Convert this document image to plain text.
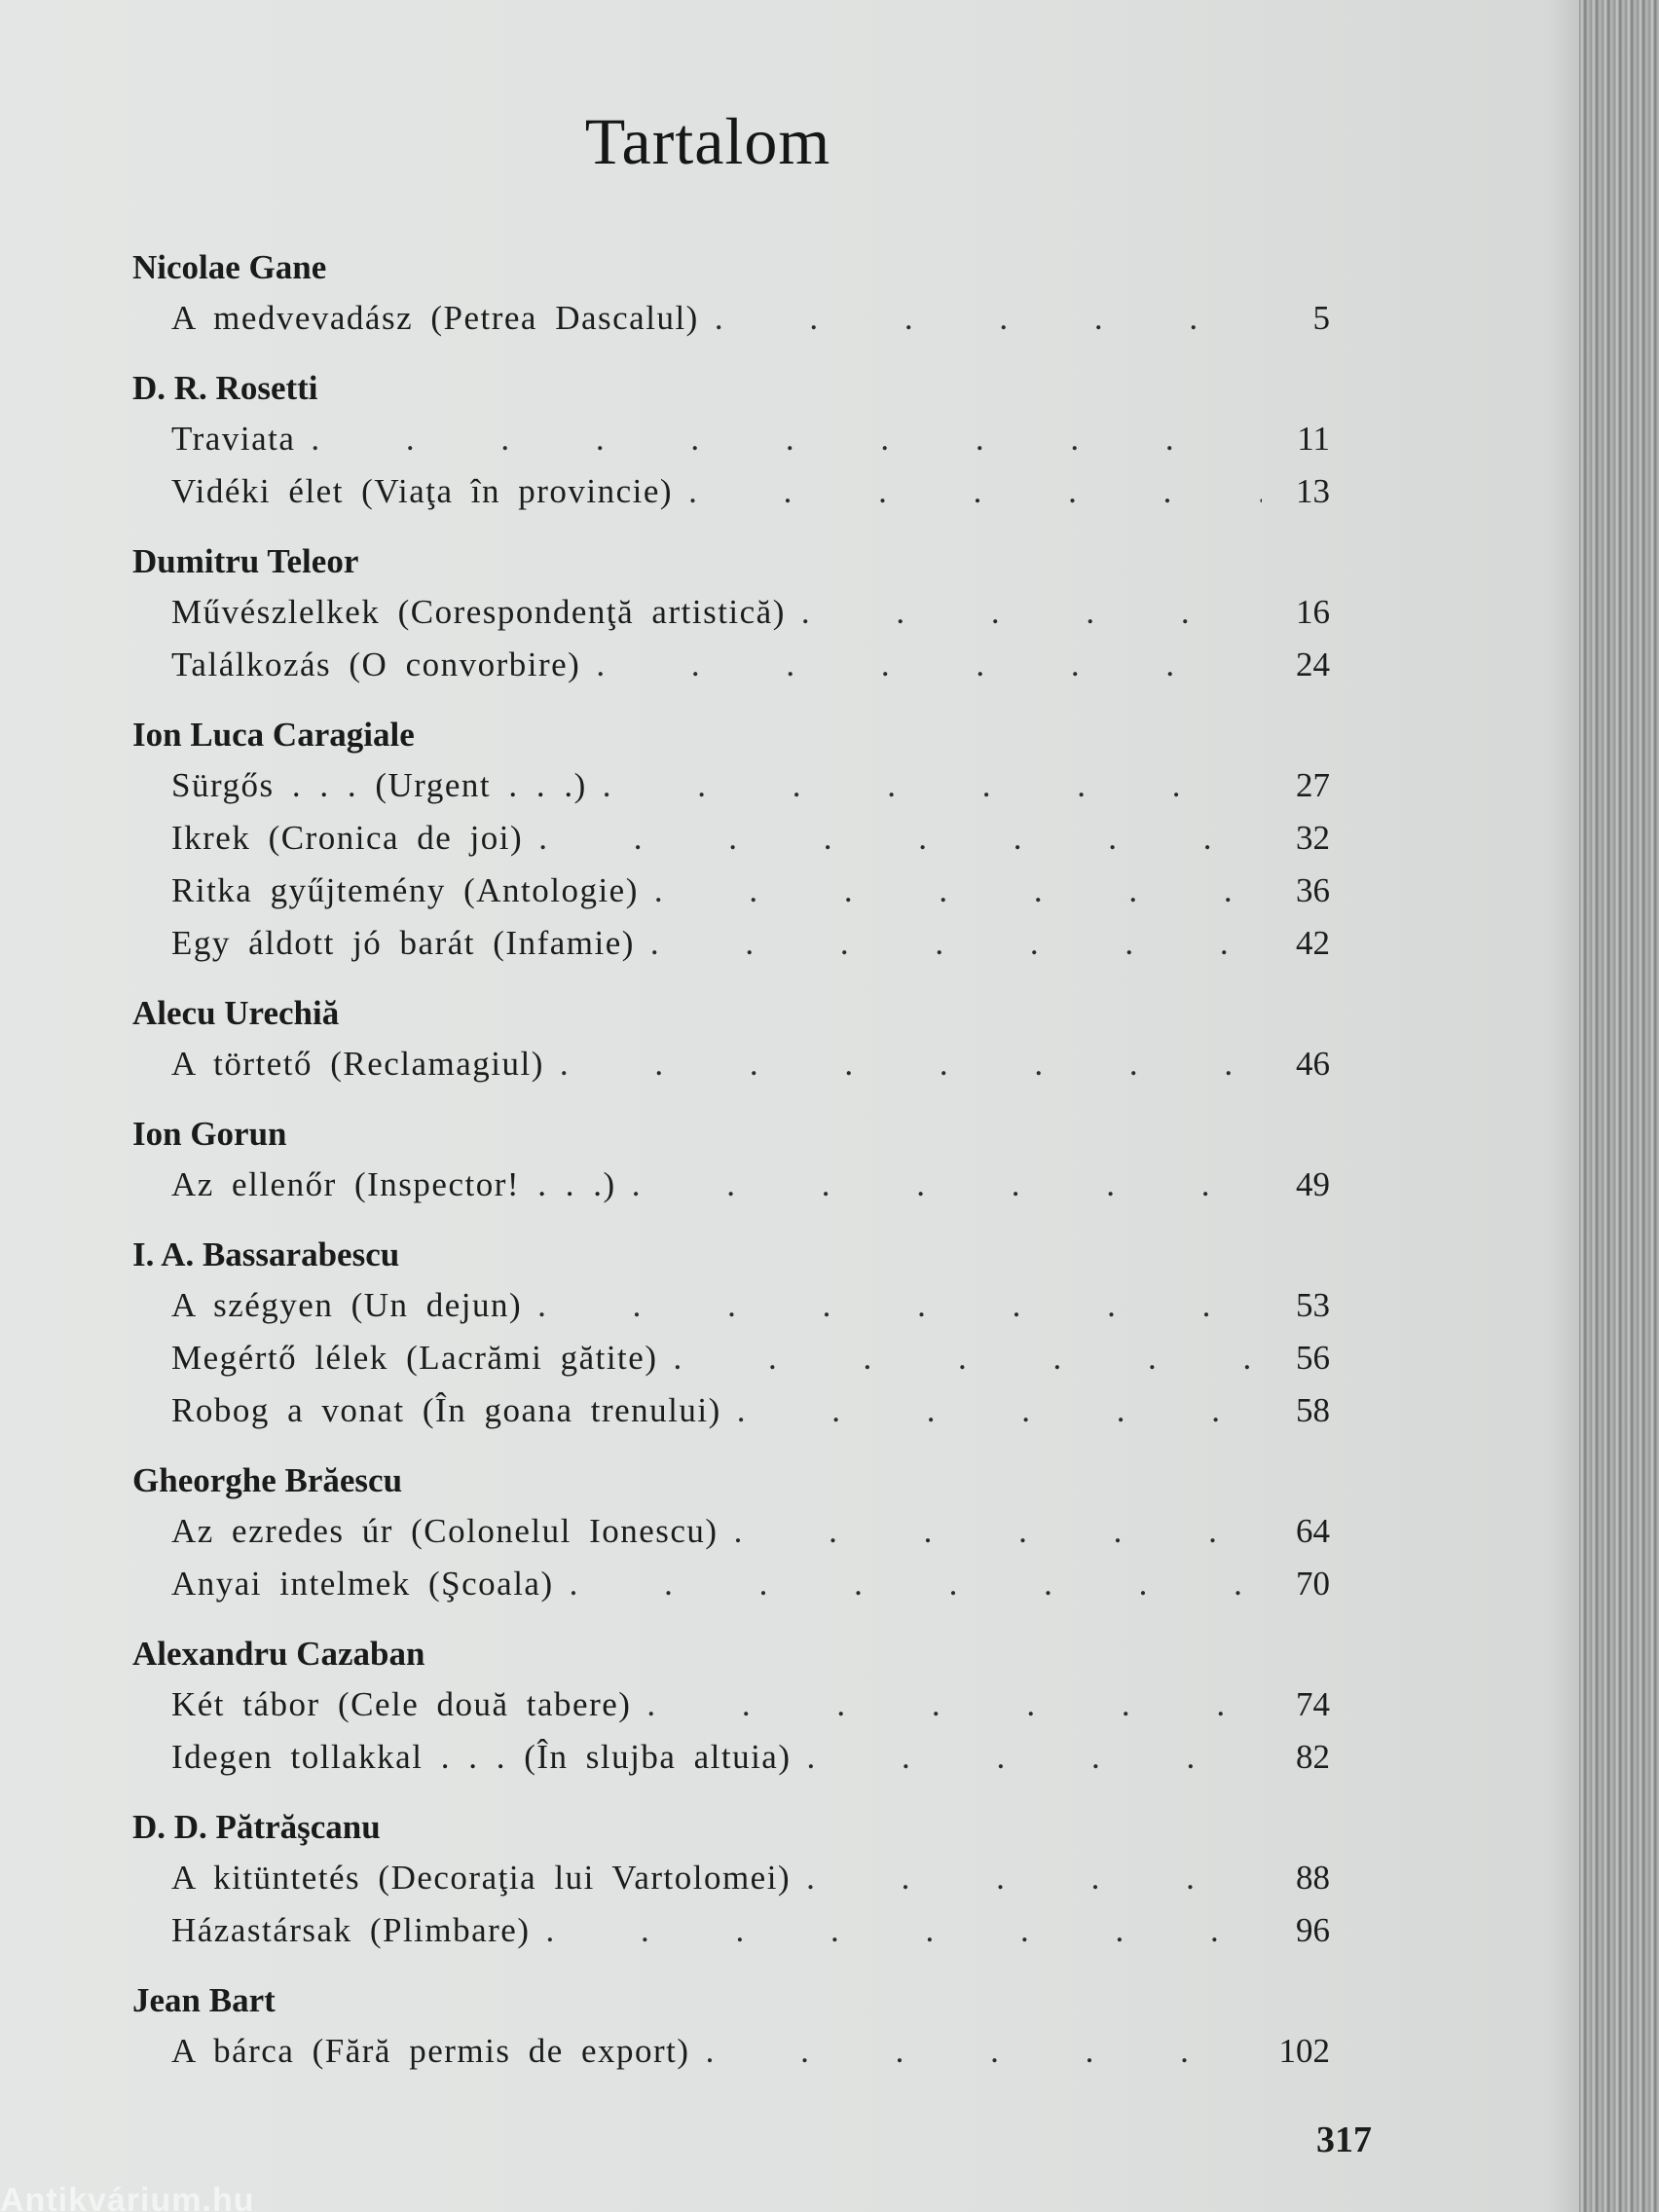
Tartalom
Nicolae Gane
A medvevadász (Petrea Dascalul) . . .	5
D. R. Rosetti
Traviata . . .	11
Vidéki élet (Viaţa în provincie) . . .	13
Dumitru Teleor
Művészlelkek (Corespondenţă artistică) . . .	16
Találkozás (O convorbire) . . .	24
Ion Luca Caragiale
Sürgős . . . (Urgent . . .) . . .	27
Ikrek (Cronica de joi) . . .	32
Ritka gyűjtemény (Antologie) . . .	36
Egy áldott jó barát (Infamie) . . .	42
Alecu Urechiă
A törtető (Reclamagiul) . . .	46
Ion Gorun
Az ellenőr (Inspector! . . .) . . .	49
I. A. Bassarabescu
A szégyen (Un dejun) . . .	53
Megértő lélek (Lacrămi gătite) . . .	56
Robog a vonat (În goana trenului) . . .	58
Gheorghe Brăescu
Az ezredes úr (Colonelul Ionescu) . . .	64
Anyai intelmek (Şcoala) . . .	70
Alexandru Cazaban
Két tábor (Cele două tabere) . . .	74
Idegen tollakkal . . . (În slujba altuia) . . .	82
D. D. Pătrăşcanu
A kitüntetés (Decoraţia lui Vartolomei) . . .	88
Házastársak (Plimbare) . . .	96
Jean Bart
A bárca (Fără permis de export) . . .	102
317
Antikvárium.hu
